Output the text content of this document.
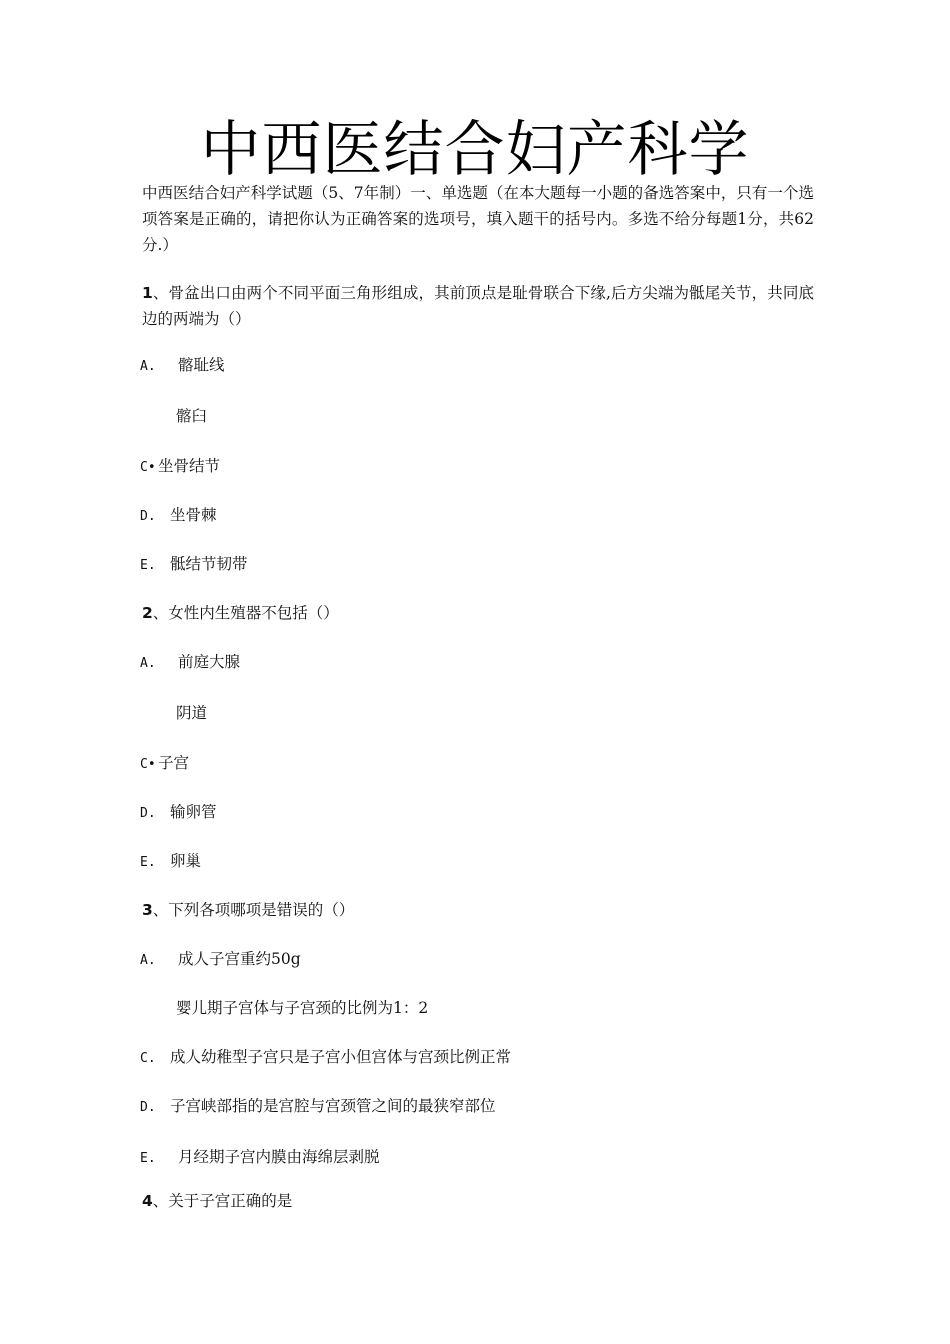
中西医结合妇产科学
中西医结合妇产科学试题（5、7年制）一、单选题（在本大题每一小题的备选答案中，只有一个选项答案是正确的，请把你认为正确答案的选项号，填入题干的括号内。多选不给分每题1分，共62分.）
1、骨盆出口由两个不同平面三角形组成，其前顶点是耻骨联合下缘,后方尖端为骶尾关节，共同底边的两端为（）
A. 髂耻线
髂臼
C• 坐骨结节
D. 坐骨棘
E. 骶结节韧带
2、女性内生殖器不包括（）
A. 前庭大腺
阴道
C• 子宫
D. 输卵管
E. 卵巢
3、下列各项哪项是错误的（）
A. 成人子宫重约50g
婴儿期子宫体与子宫颈的比例为1：2
C. 成人幼稚型子宫只是子宫小但宫体与宫颈比例正常
D. 子宫峡部指的是宫腔与宫颈管之间的最狭窄部位
E. 月经期子宫内膜由海绵层剥脱
4、关于子宫正确的是
